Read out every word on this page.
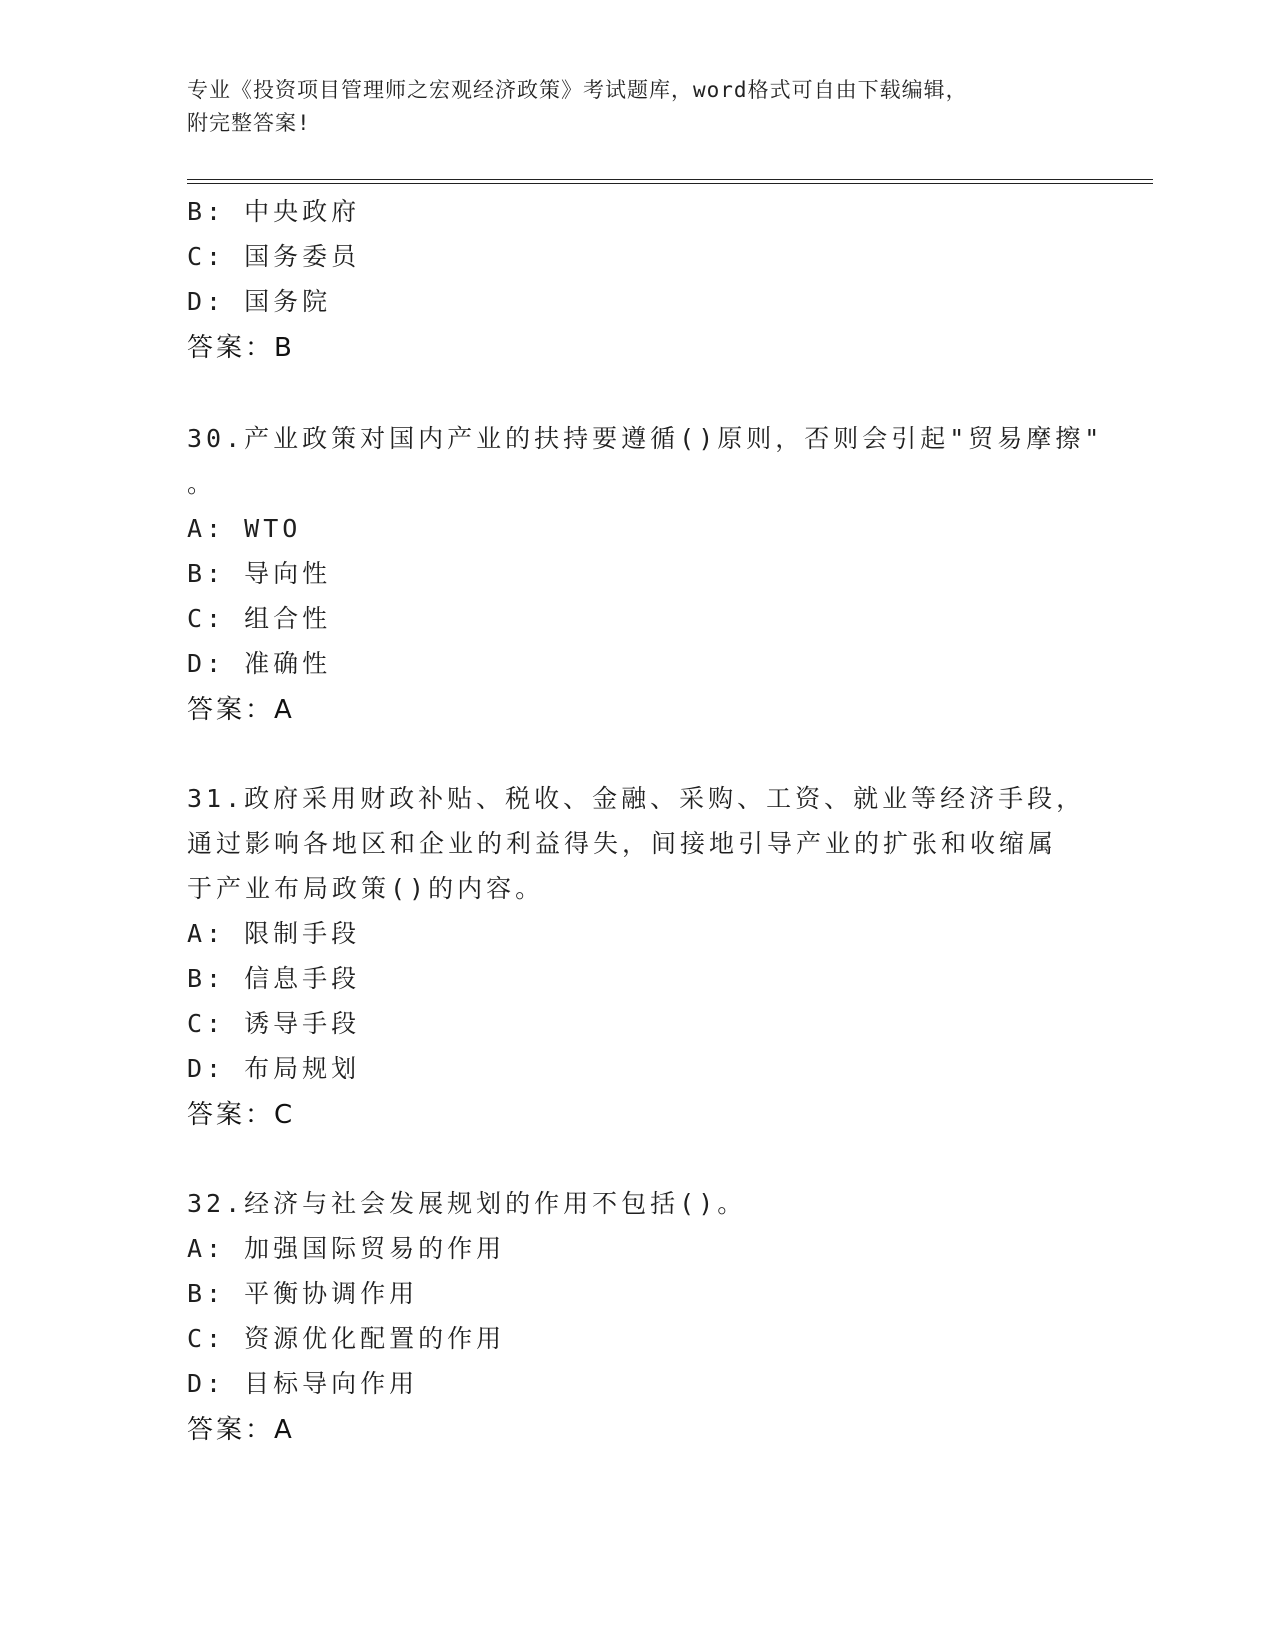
专业《投资项目管理师之宏观经济政策》考试题库，word格式可自由下载编辑，
附完整答案!
B: 中央政府
C: 国务委员
D: 国务院
答案：B
30.产业政策对国内产业的扶持要遵循()原则，否则会引起"贸易摩擦"
。
A: WTO
B: 导向性
C: 组合性
D: 准确性
答案：A
31.政府采用财政补贴、税收、金融、采购、工资、就业等经济手段，
通过影响各地区和企业的利益得失，间接地引导产业的扩张和收缩属
于产业布局政策()的内容。
A: 限制手段
B: 信息手段
C: 诱导手段
D: 布局规划
答案：C
32.经济与社会发展规划的作用不包括()。
A: 加强国际贸易的作用
B: 平衡协调作用
C: 资源优化配置的作用
D: 目标导向作用
答案：A
